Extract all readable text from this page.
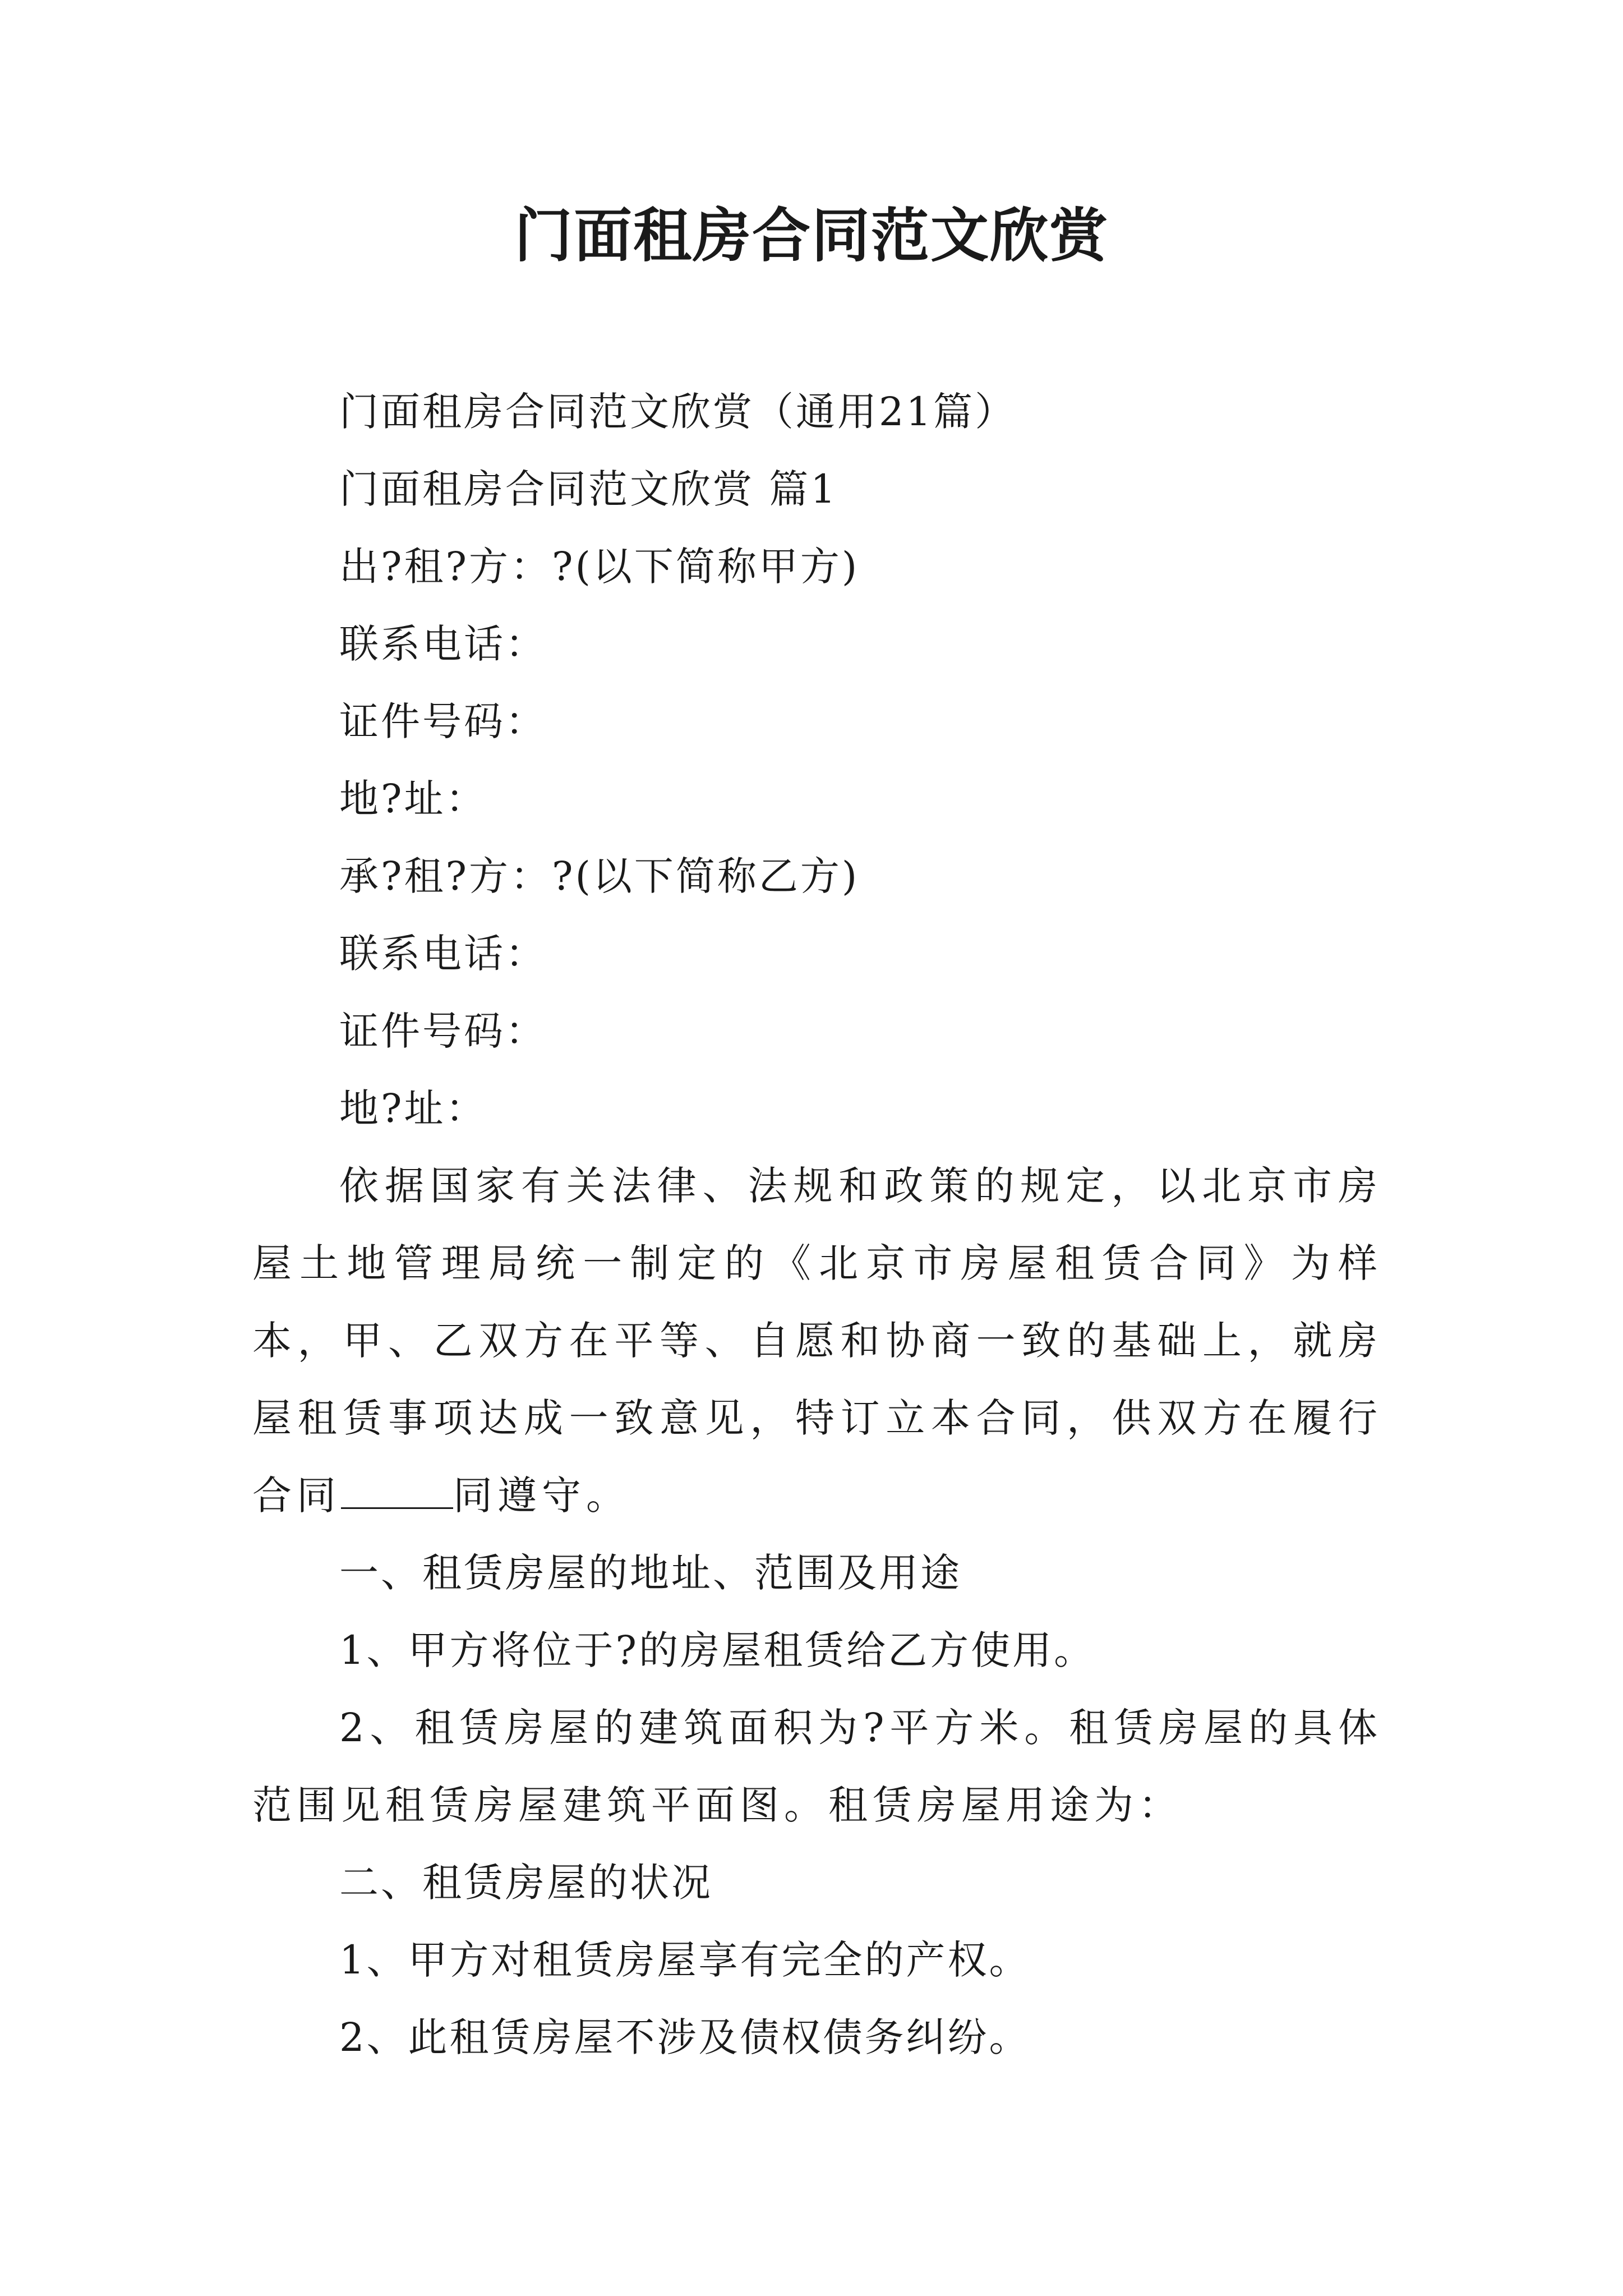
门面租房合同范文欣赏

门面租房合同范文欣赏（通用21篇）

门面租房合同范文欣赏 篇1

出?租?方：?(以下简称甲方)

联系电话：

证件号码：

地?址：

承?租?方：?(以下简称乙方)

联系电话：

证件号码：

地?址：

依据国家有关法律、法规和政策的规定，以北京市房屋土地管理局统一制定的《北京市房屋租赁合同》为样本，甲、乙双方在平等、自愿和协商一致的基础上，就房屋租赁事项达成一致意见，特订立本合同，供双方在履行合同	同遵守。

一、租赁房屋的地址、范围及用途

1、甲方将位于?的房屋租赁给乙方使用。

2、租赁房屋的建筑面积为?平方米。租赁房屋的具体范围见租赁房屋建筑平面图。租赁房屋用途为：

二、租赁房屋的状况

1、甲方对租赁房屋享有完全的产权。

2、此租赁房屋不涉及债权债务纠纷。
